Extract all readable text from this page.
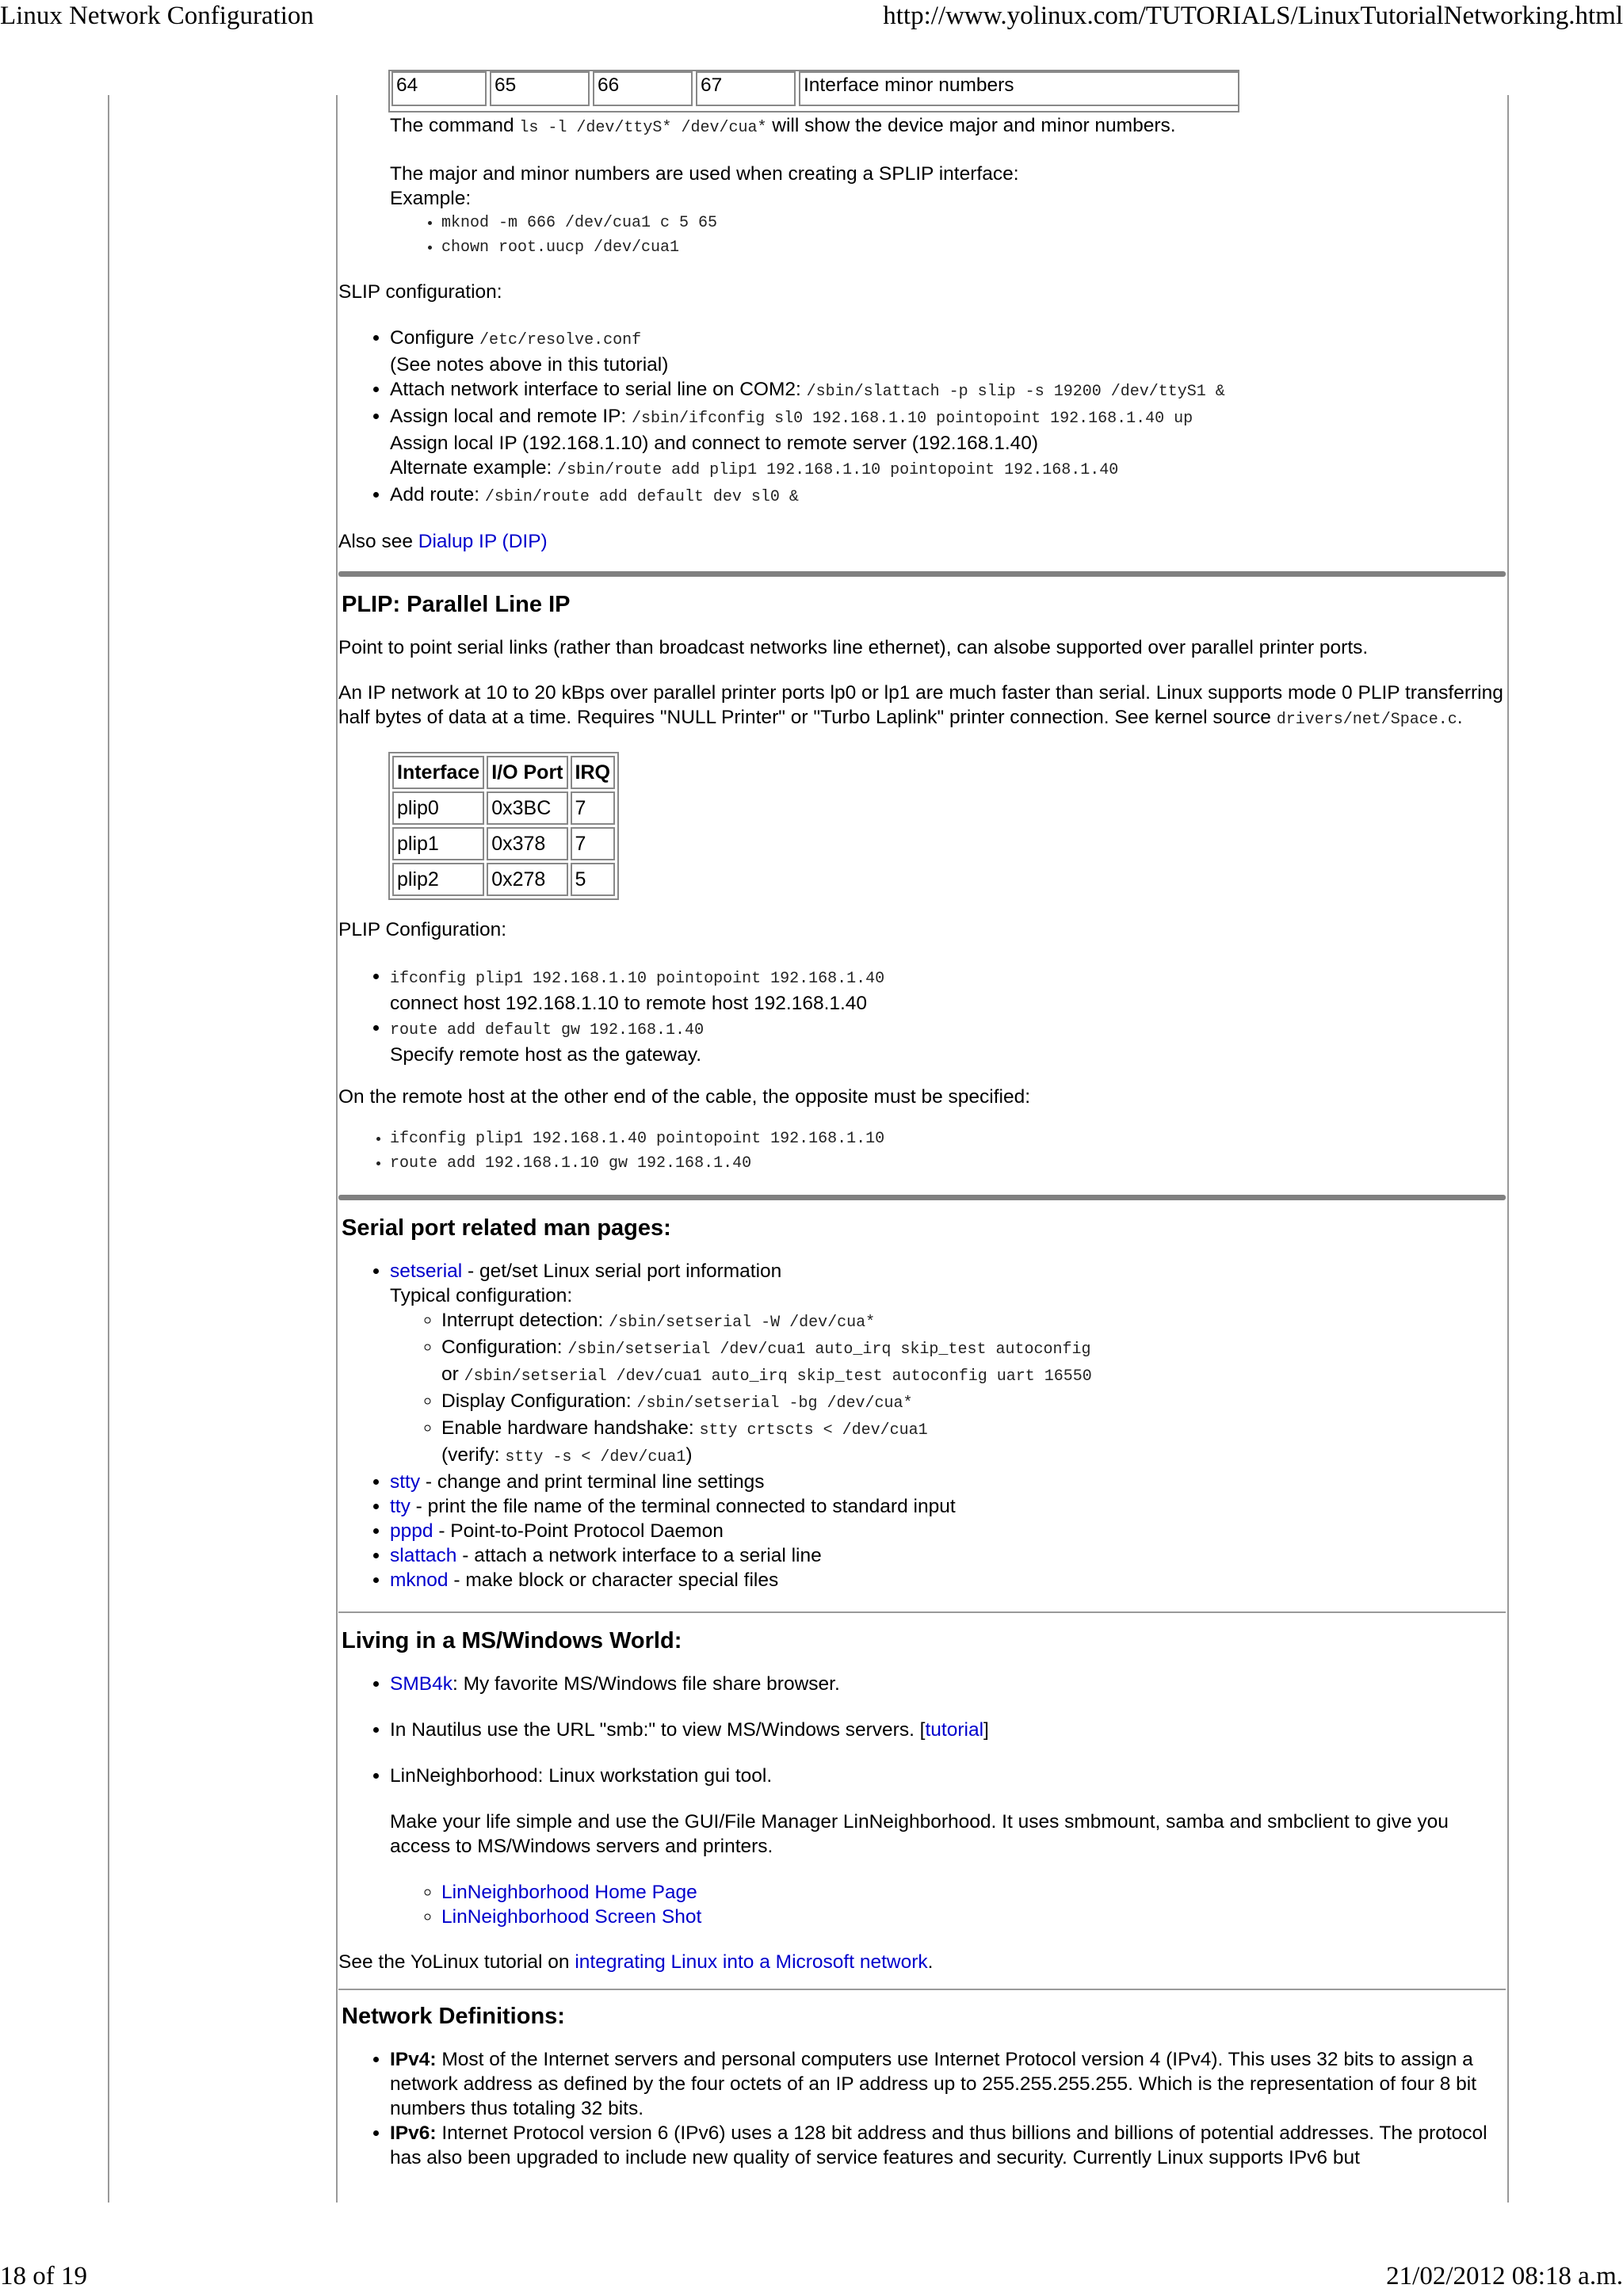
Linux Network Configuration	http://www.yolinux.com/TUTORIALS/LinuxTutorialNetworking.html
18 of 19	21/02/2012 08:18 a.m.
64	65	66	67	Interface minor numbers
The command ls -l /dev/ttyS* /dev/cua* will show the device major and minor numbers.
The major and minor numbers are used when creating a SPLIP interface:
Example:
• mknod -m 666 /dev/cua1 c 5 65
• chown root.uucp /dev/cua1
SLIP configuration:
• Configure /etc/resolve.conf
(See notes above in this tutorial)
• Attach network interface to serial line on COM2: /sbin/slattach -p slip -s 19200 /dev/ttyS1 &
• Assign local and remote IP: /sbin/ifconfig sl0 192.168.1.10 pointopoint 192.168.1.40 up
Assign local IP (192.168.1.10) and connect to remote server (192.168.1.40)
Alternate example: /sbin/route add plip1 192.168.1.10 pointopoint 192.168.1.40
• Add route: /sbin/route add default dev sl0 &
Also see Dialup IP (DIP)
PLIP: Parallel Line IP
Point to point serial links (rather than broadcast networks line ethernet), can alsobe supported over parallel printer ports.
An IP network at 10 to 20 kBps over parallel printer ports lp0 or lp1 are much faster than serial. Linux supports mode 0 PLIP transferring half bytes of data at a time. Requires "NULL Printer" or "Turbo Laplink" printer connection. See kernel source drivers/net/Space.c.
Interface	I/O Port	IRQ
plip0	0x3BC	7
plip1	0x378	7
plip2	0x278	5
PLIP Configuration:
• ifconfig plip1 192.168.1.10 pointopoint 192.168.1.40
connect host 192.168.1.10 to remote host 192.168.1.40
• route add default gw 192.168.1.40
Specify remote host as the gateway.
On the remote host at the other end of the cable, the opposite must be specified:
• ifconfig plip1 192.168.1.40 pointopoint 192.168.1.10
• route add 192.168.1.10 gw 192.168.1.40
Serial port related man pages:
• setserial - get/set Linux serial port information
Typical configuration:
◦ Interrupt detection: /sbin/setserial -W /dev/cua*
◦ Configuration: /sbin/setserial /dev/cua1 auto_irq skip_test autoconfig
or /sbin/setserial /dev/cua1 auto_irq skip_test autoconfig uart 16550
◦ Display Configuration: /sbin/setserial -bg /dev/cua*
◦ Enable hardware handshake: stty crtscts < /dev/cua1
(verify: stty -s < /dev/cua1)
• stty - change and print terminal line settings
• tty - print the file name of the terminal connected to standard input
• pppd - Point-to-Point Protocol Daemon
• slattach - attach a network interface to a serial line
• mknod - make block or character special files
Living in a MS/Windows World:
• SMB4k: My favorite MS/Windows file share browser.
• In Nautilus use the URL "smb:" to view MS/Windows servers. [tutorial]
• LinNeighborhood: Linux workstation gui tool.
Make your life simple and use the GUI/File Manager LinNeighborhood. It uses smbmount, samba and smbclient to give you access to MS/Windows servers and printers.
◦ LinNeighborhood Home Page
◦ LinNeighborhood Screen Shot
See the YoLinux tutorial on integrating Linux into a Microsoft network.
Network Definitions:
• IPv4: Most of the Internet servers and personal computers use Internet Protocol version 4 (IPv4). This uses 32 bits to assign a network address as defined by the four octets of an IP address up to 255.255.255.255. Which is the representation of four 8 bit numbers thus totaling 32 bits.
• IPv6: Internet Protocol version 6 (IPv6) uses a 128 bit address and thus billions and billions of potential addresses. The protocol has also been upgraded to include new quality of service features and security. Currently Linux supports IPv6 but
